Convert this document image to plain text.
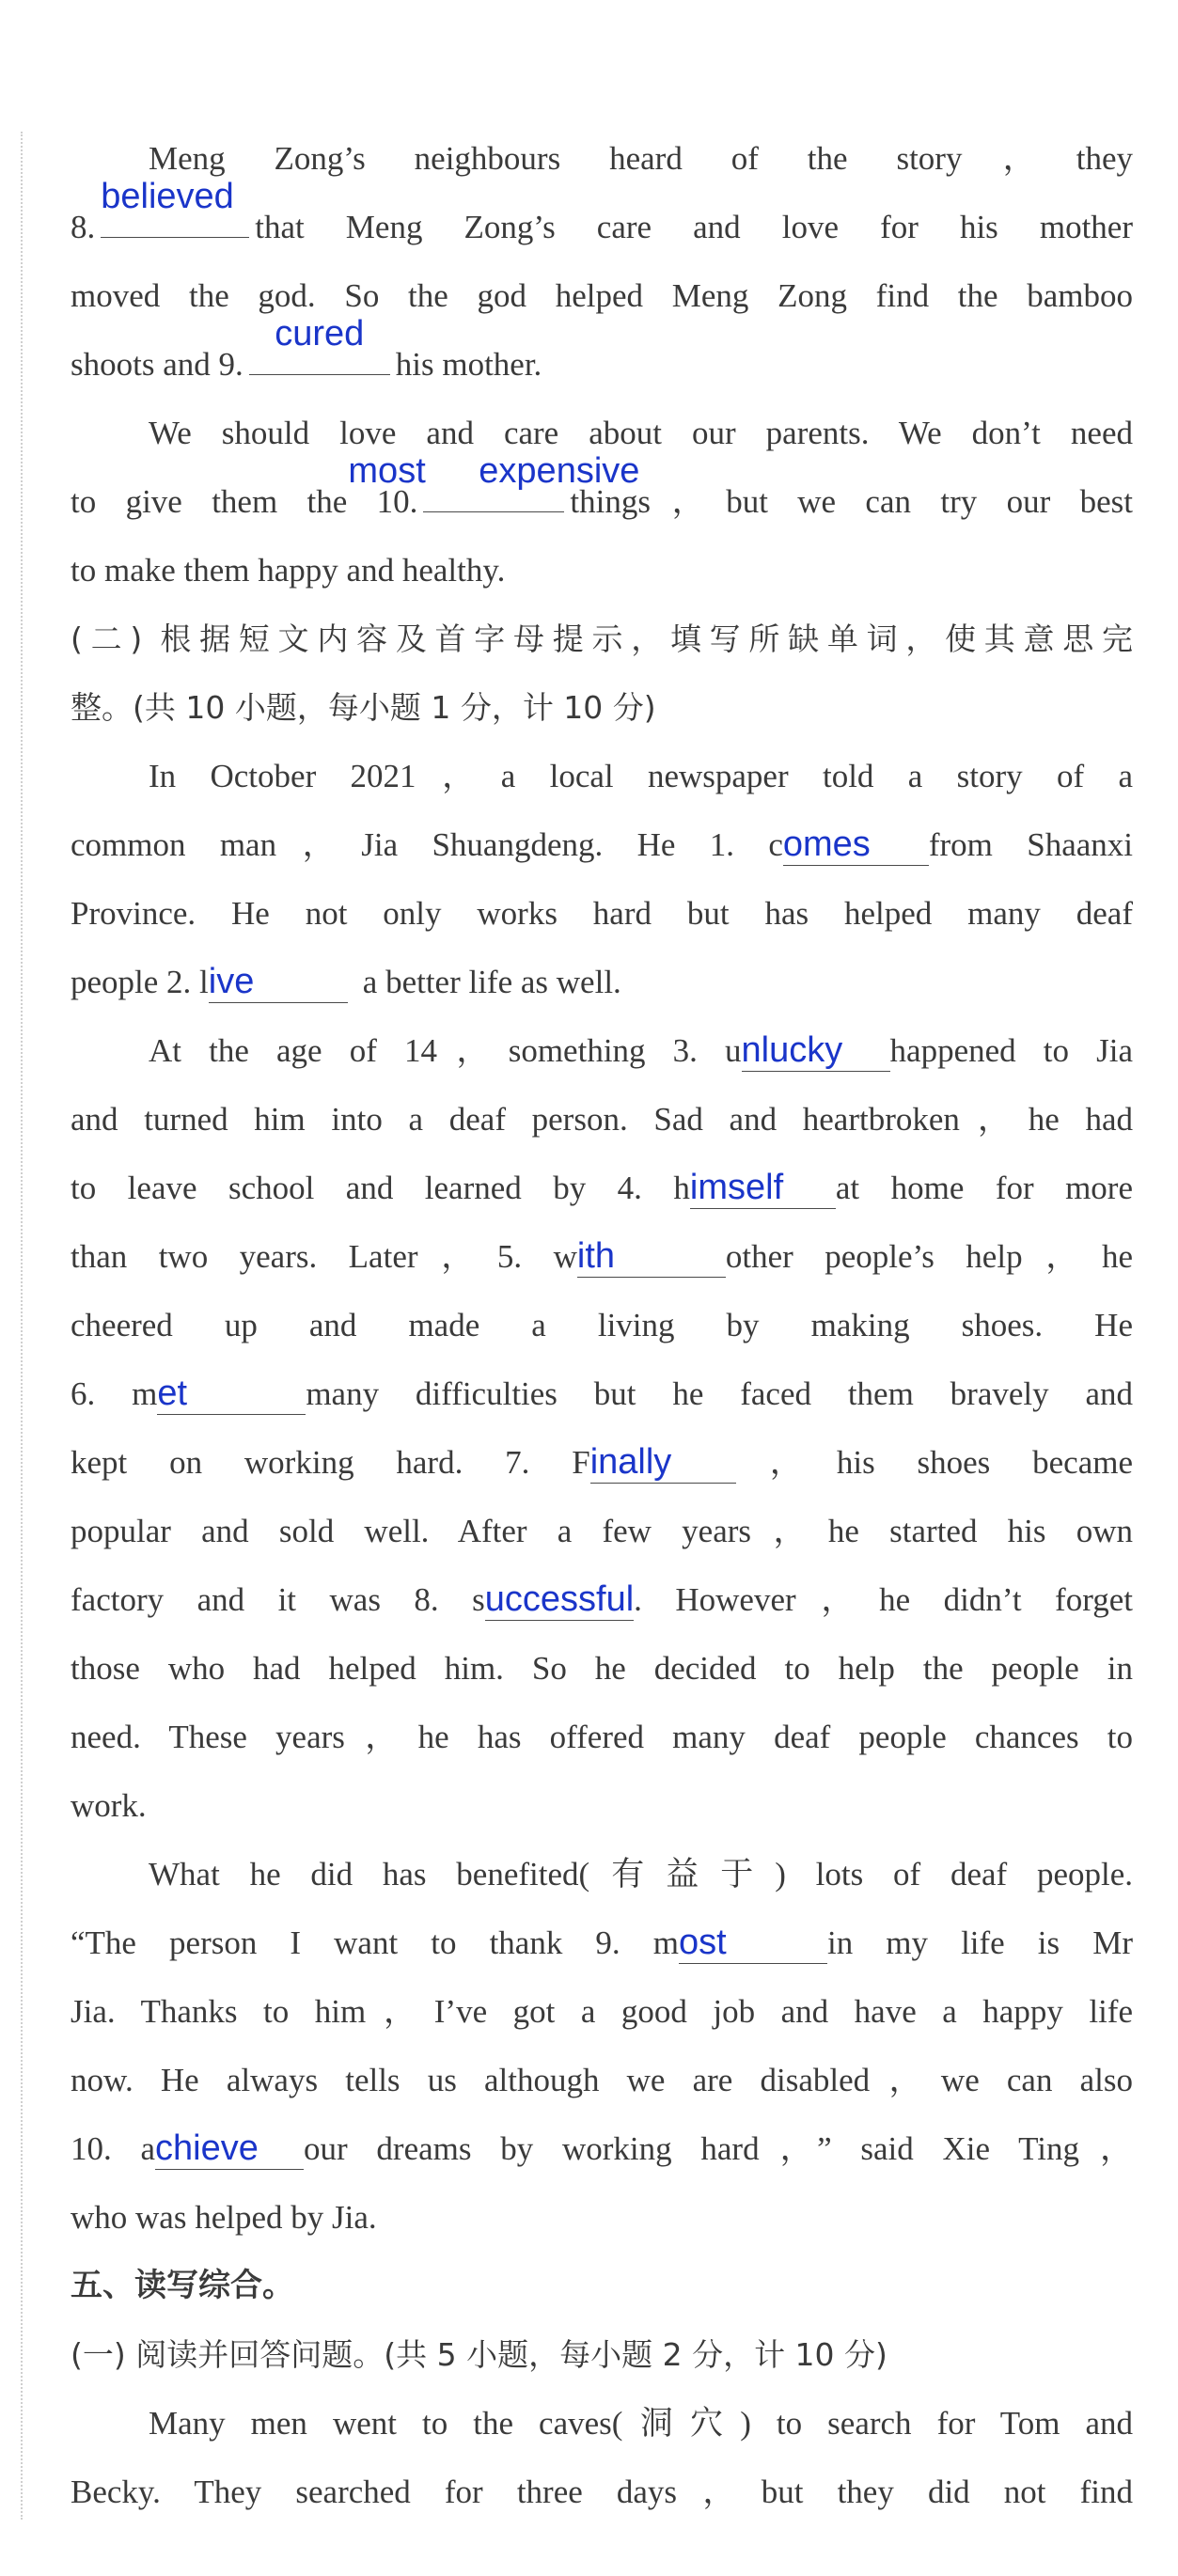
Meng Zong’s neighbours heard of the story，they
8.
believed
that Meng Zong’s care and love for his mother
moved the god. So the god helped Meng Zong find the bamboo
shoots and 9.
cured
his mother.
We should love and care about our parents. We don’t need
to give them the 10.
most expensive
things，but we can try our best
to make them happy and healthy.
(二) 根据短文内容及首字母提示，填写所缺单词，使其意思完
整。(共 10 小题，每小题 1 分，计 10 分)
In October 2021，a local newspaper told a story of a
common man，Jia Shuangdeng. He 1. comes from Shaanxi
Province. He not only works hard but has helped many deaf
people 2. live	a better life as well.
At the age of 14，something 3. unlucky happened to Jia
and turned him into a deaf person. Sad and heartbroken，he had
to leave school and learned by 4. himself at home for more
than two years. Later，5. with	other people’s help，he
cheered up and made a living by making shoes. He
6. met	many difficulties but he faced them bravely and
kept on working hard. 7. Finally ，his shoes became
popular and sold well. After a few years，he started his own
factory and it was 8. successful. However，he didn’t forget
those who had helped him. So he decided to help the people in
need. These years，he has offered many deaf people chances to
work.
What he did has benefited(有益于) lots of deaf people.
“The person I want to thank 9. most	in my life is Mr
Jia. Thanks to him，I’ve got a good job and have a happy life
now. He always tells us although we are disabled，we can also
10. achieve our dreams by working hard，” said Xie Ting，
who was helped by Jia.
五、读写综合。
(一) 阅读并回答问题。(共 5 小题，每小题 2 分，计 10 分)
Many men went to the caves(洞穴) to search for Tom and
Becky. They searched for three days，but they did not find
